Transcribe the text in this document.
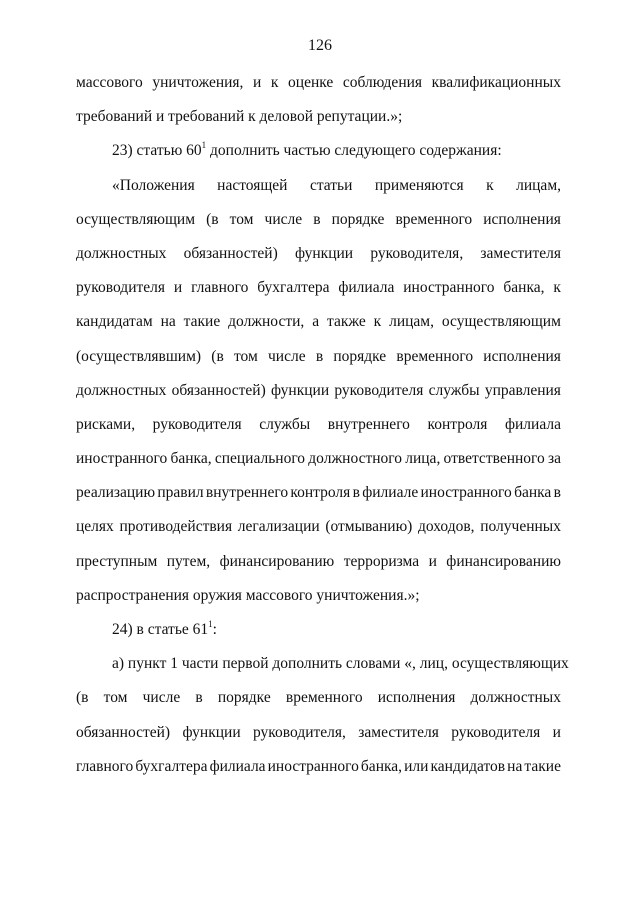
126
массового уничтожения, и к оценке соблюдения квалификационных
требований и требований к деловой репутации.»;
23) статью $60^1$ дополнить частью следующего содержания:
«Положения настоящей статьи применяются к лицам,
осуществляющим (в том числе в порядке временного исполнения
должностных обязанностей) функции руководителя, заместителя
руководителя и главного бухгалтера филиала иностранного банка, к
кандидатам на такие должности, а также к лицам, осуществляющим
(осуществлявшим) (в том числе в порядке временного исполнения
должностных обязанностей) функции руководителя службы управления
рисками, руководителя службы внутреннего контроля филиала
иностранного банка, специального должностного лица, ответственного за
реализацию правил внутреннего контроля в филиале иностранного банка в
целях противодействия легализации (отмыванию) доходов, полученных
преступным путем, финансированию терроризма и финансированию
распространения оружия массового уничтожения.»;
24) в статье $61^1$:
а) пункт 1 части первой дополнить словами «, лиц, осуществляющих
(в том числе в порядке временного исполнения должностных
обязанностей) функции руководителя, заместителя руководителя и
главного бухгалтера филиала иностранного банка, или кандидатов на такие
